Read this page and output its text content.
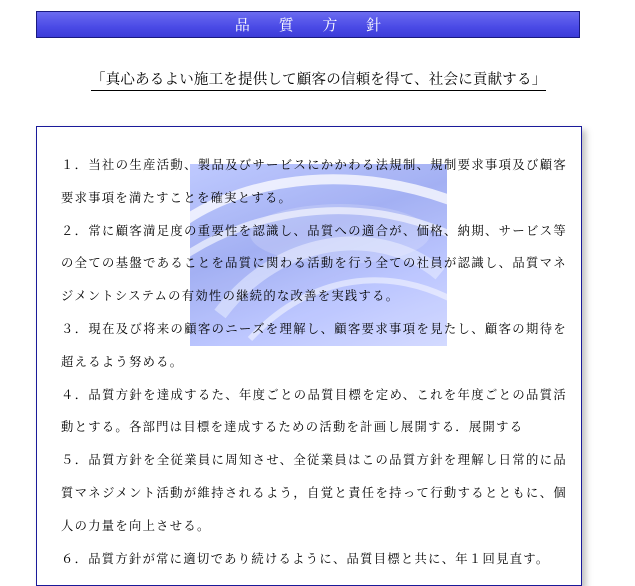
品 質 方 針
「真心あるよい施工を提供して顧客の信頼を得て、社会に貢献する」
１．当社の生産活動、製品及びサービスにかかわる法規制、規制要求事項及び顧客要求事項を満たすことを確実とする。
２．常に顧客満足度の重要性を認識し、品質への適合が、価格、納期、サービス等の全ての基盤であることを品質に関わる活動を行う全ての社員が認識し、品質マネジメントシステムの有効性の継続的な改善を実践する。
３．現在及び将来の顧客のニーズを理解し、顧客要求事項を見たし、顧客の期待を超えるよう努める。
４．品質方針を達成するた、年度ごとの品質目標を定め、これを年度ごとの品質活動とする。各部門は目標を達成するための活動を計画し展開する．展開する
５．品質方針を全従業員に周知させ、全従業員はこの品質方針を理解し日常的に品質マネジメント活動が維持されるよう，自覚と責任を持って行動するとともに、個人の力量を向上させる。
６．品質方針が常に適切であり続けるように、品質目標と共に、年１回見直す。
